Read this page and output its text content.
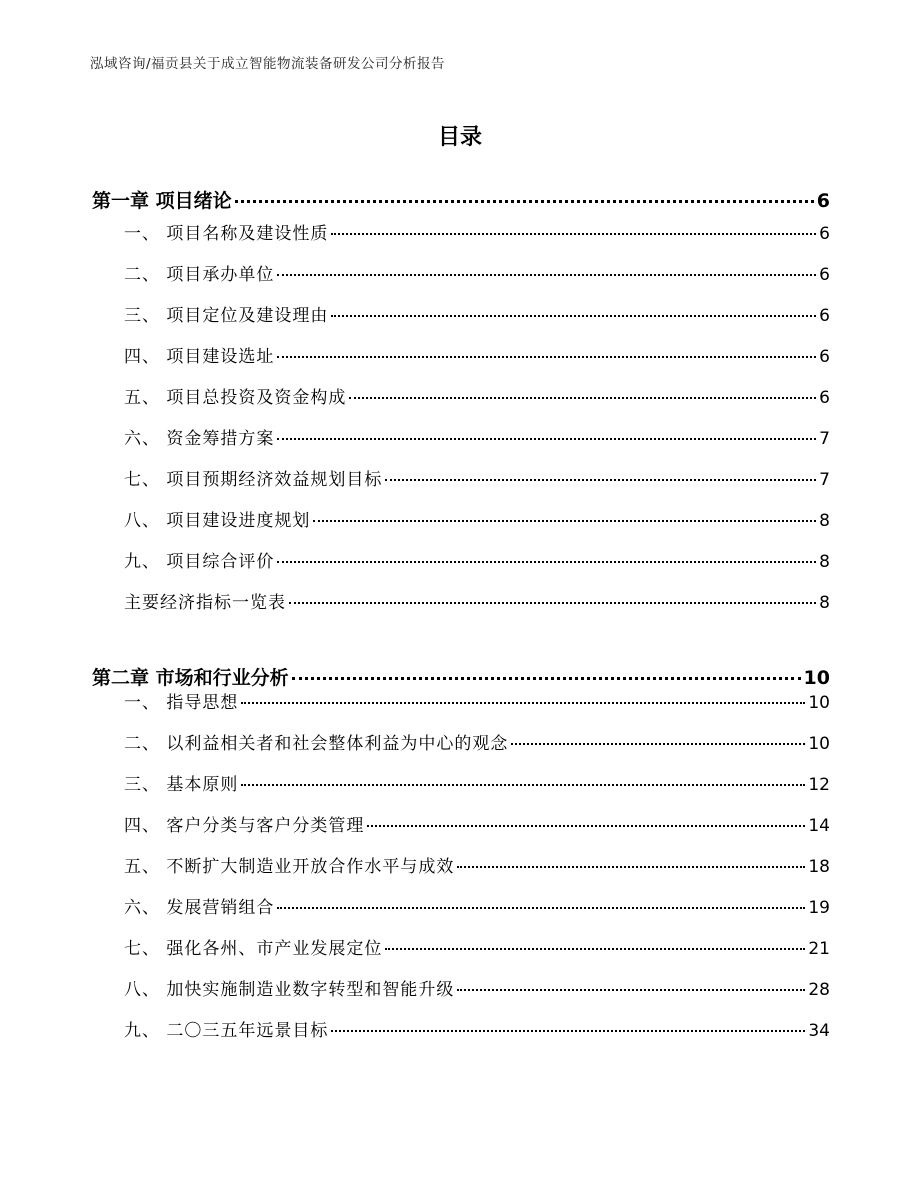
泓域咨询/福贡县关于成立智能物流装备研发公司分析报告
目录
第一章 项目绪论	6
一、 项目名称及建设性质	6
二、 项目承办单位	6
三、 项目定位及建设理由	6
四、 项目建设选址	6
五、 项目总投资及资金构成	6
六、 资金筹措方案	7
七、 项目预期经济效益规划目标	7
八、 项目建设进度规划	8
九、 项目综合评价	8
主要经济指标一览表	8
第二章 市场和行业分析	10
一、 指导思想	10
二、 以利益相关者和社会整体利益为中心的观念	10
三、 基本原则	12
四、 客户分类与客户分类管理	14
五、 不断扩大制造业开放合作水平与成效	18
六、 发展营销组合	19
七、 强化各州、市产业发展定位	21
八、 加快实施制造业数字转型和智能升级	28
九、 二〇三五年远景目标	34
